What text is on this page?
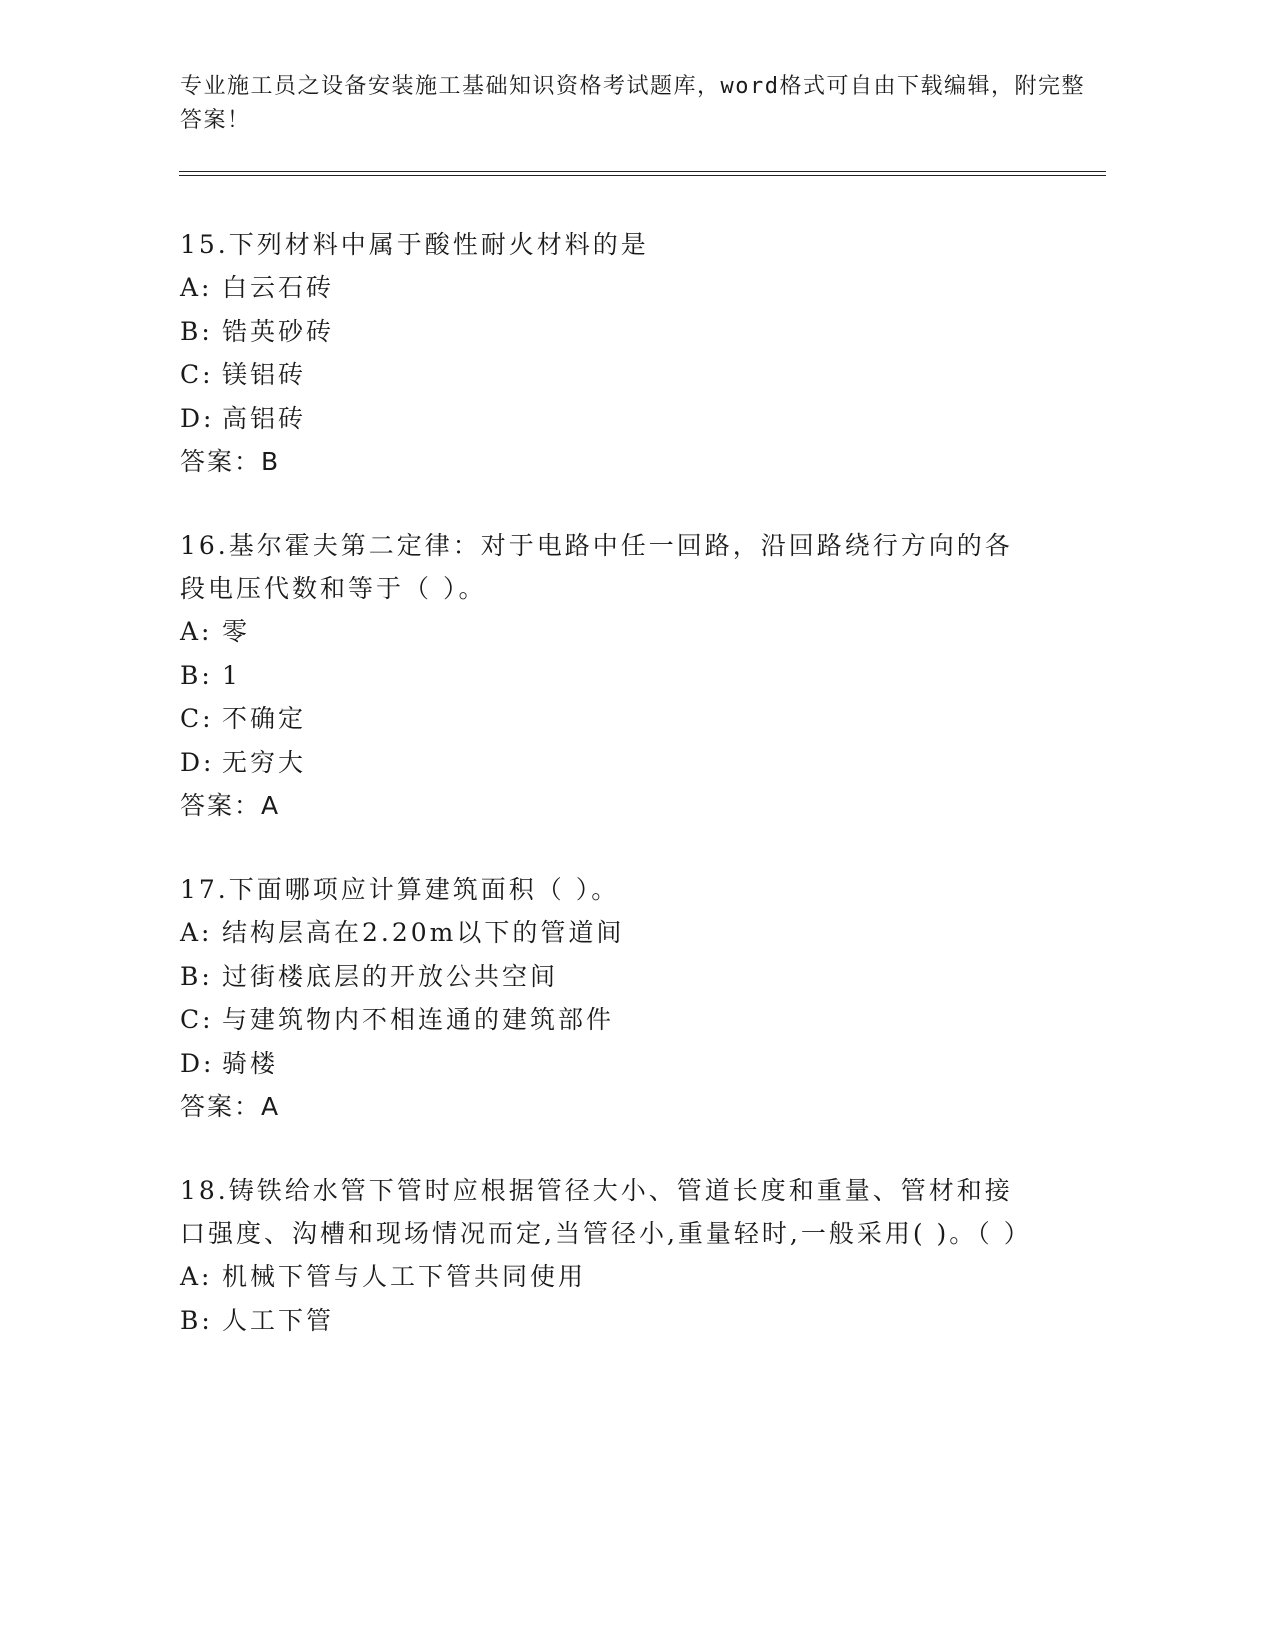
专业施工员之设备安装施工基础知识资格考试题库，word格式可自由下载编辑，附完整答案！

15.下列材料中属于酸性耐火材料的是

A: 白云石砖
B: 锆英砂砖
C: 镁铝砖
D: 高铝砖
答案：B

16.基尔霍夫第二定律：对于电路中任一回路，沿回路绕行方向的各段电压代数和等于（ ）。

A: 零
B: 1
C: 不确定
D: 无穷大
答案：A

17.下面哪项应计算建筑面积（ ）。

A: 结构层高在2.20m以下的管道间
B: 过街楼底层的开放公共空间
C: 与建筑物内不相连通的建筑部件
D: 骑楼
答案：A

18.铸铁给水管下管时应根据管径大小、管道长度和重量、管材和接口强度、沟槽和现场情况而定,当管径小,重量轻时,一般采用( )。（ ）

A: 机械下管与人工下管共同使用
B: 人工下管
